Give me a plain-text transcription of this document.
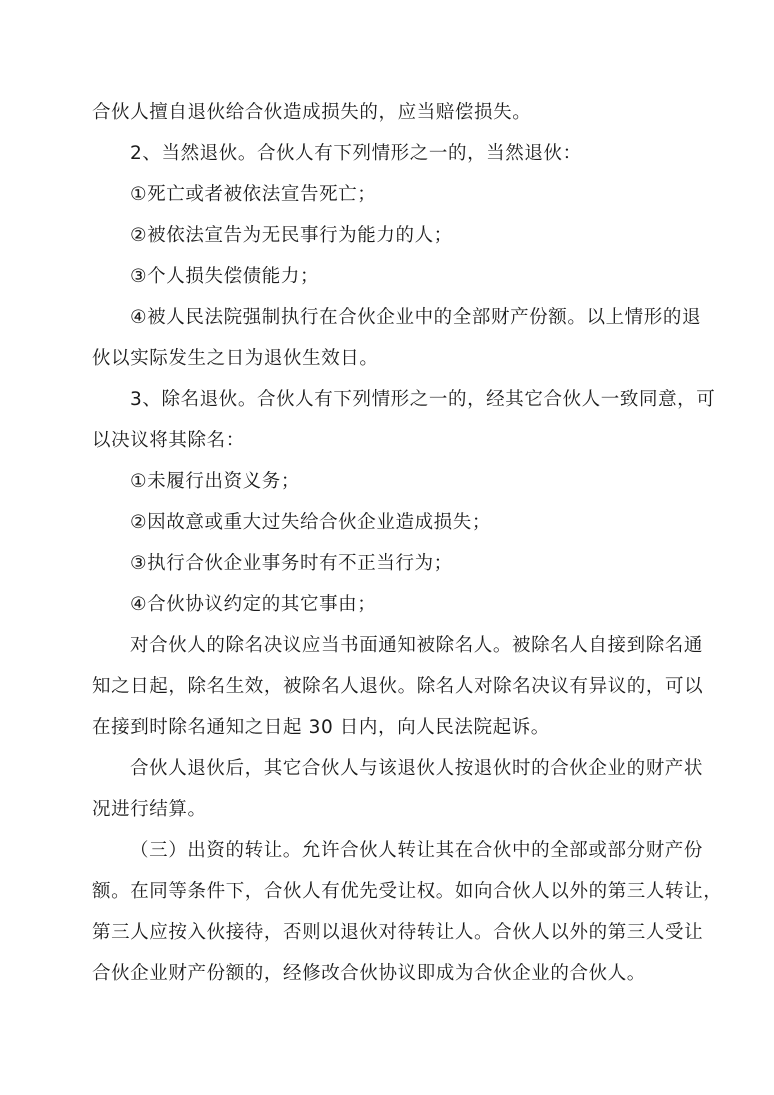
合伙人擅自退伙给合伙造成损失的，应当赔偿损失。
2、当然退伙。合伙人有下列情形之一的，当然退伙：
①死亡或者被依法宣告死亡；
②被依法宣告为无民事行为能力的人；
③个人损失偿债能力；
④被人民法院强制执行在合伙企业中的全部财产份额。以上情形的退
伙以实际发生之日为退伙生效日。
3、除名退伙。合伙人有下列情形之一的，经其它合伙人一致同意，可
以决议将其除名：
①未履行出资义务；
②因故意或重大过失给合伙企业造成损失；
③执行合伙企业事务时有不正当行为；
④合伙协议约定的其它事由；
对合伙人的除名决议应当书面通知被除名人。被除名人自接到除名通
知之日起，除名生效，被除名人退伙。除名人对除名决议有异议的，可以
在接到时除名通知之日起 30 日内，向人民法院起诉。
合伙人退伙后，其它合伙人与该退伙人按退伙时的合伙企业的财产状
况进行结算。
（三）出资的转让。允许合伙人转让其在合伙中的全部或部分财产份
额。在同等条件下，合伙人有优先受让权。如向合伙人以外的第三人转让，
第三人应按入伙接待，否则以退伙对待转让人。合伙人以外的第三人受让
合伙企业财产份额的，经修改合伙协议即成为合伙企业的合伙人。
